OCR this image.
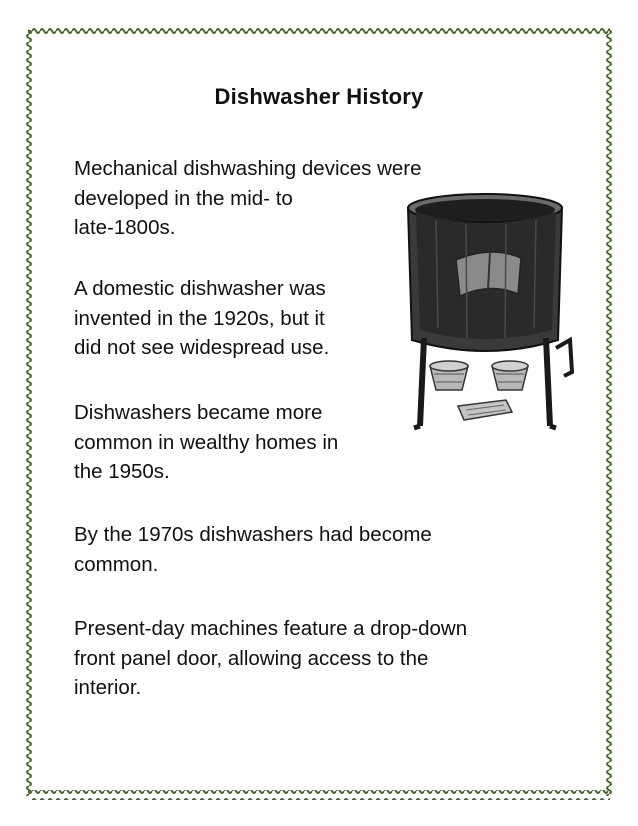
Dishwasher History

Mechanical dishwashing devices were
developed in the mid- to
late-1800s.

A domestic dishwasher was
invented in the 1920s, but it
did not see widespread use.

Dishwashers became more
common in wealthy homes in
the 1950s.

By the 1970s dishwashers had become
common.

Present-day machines feature a drop-down
front panel door, allowing access to the
interior.
